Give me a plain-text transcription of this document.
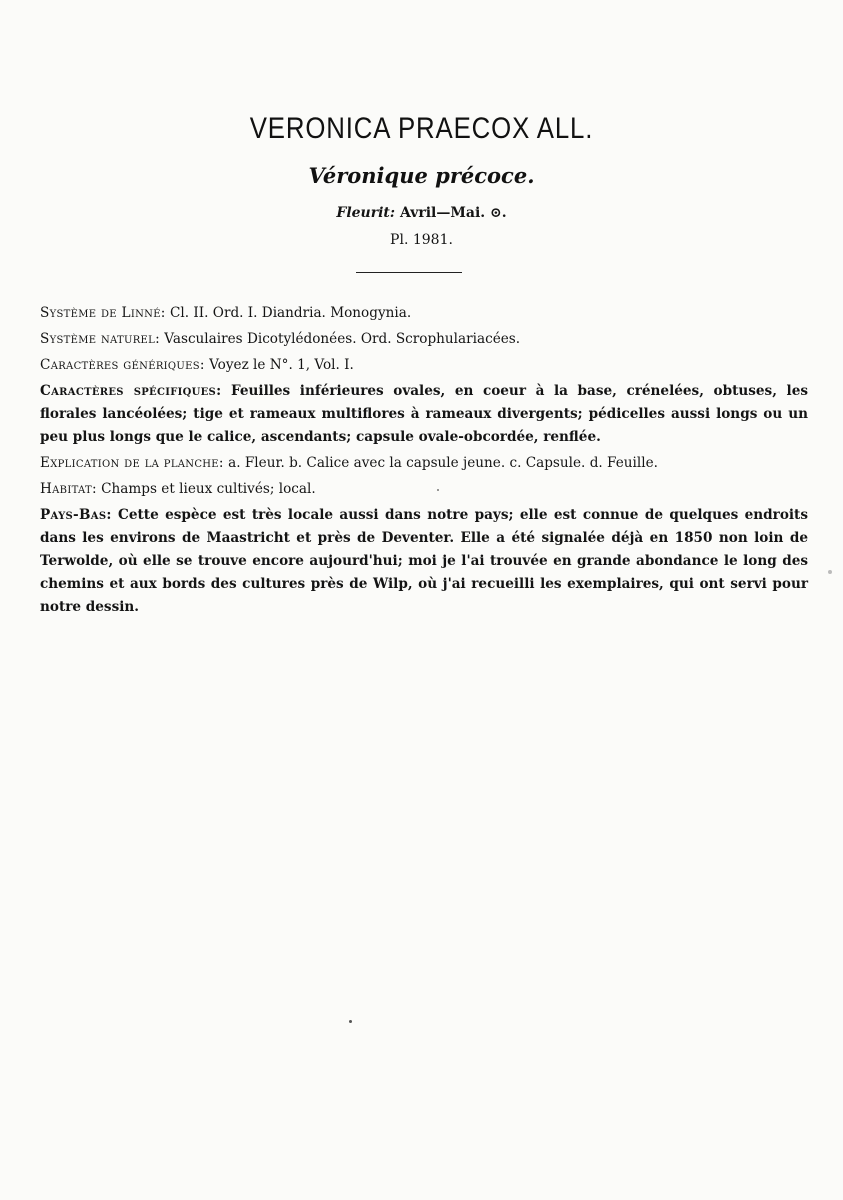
VERONICA PRAECOX ALL.
Véronique précoce.
Fleurit: Avril—Mai. ⊙.
Pl. 1981.

Système de Linné: Cl. II. Ord. I. Diandria. Monogynia.

Système naturel: Vasculaires Dicotylédonées. Ord. Scrophulariacées.

Caractères génériques: Voyez le N°. 1, Vol. I.

Caractères spécifiques: Feuilles inférieures ovales, en coeur à la base, crénelées, obtuses, les florales lancéolées; tige et rameaux multiflores à rameaux divergents; pédicelles aussi longs ou un peu plus longs que le calice, ascendants; capsule ovale-obcordée, renflée.

Explication de la planche: a. Fleur. b. Calice avec la capsule jeune. c. Capsule. d. Feuille.

Habitat: Champs et lieux cultivés; local.

Pays-Bas: Cette espèce est très locale aussi dans notre pays; elle est connue de quelques endroits dans les environs de Maastricht et près de Deventer. Elle a été signalée déjà en 1850 non loin de Terwolde, où elle se trouve encore aujourd'hui; moi je l'ai trouvée en grande abondance le long des chemins et aux bords des cultures près de Wilp, où j'ai recueilli les exemplaires, qui ont servi pour notre dessin.
